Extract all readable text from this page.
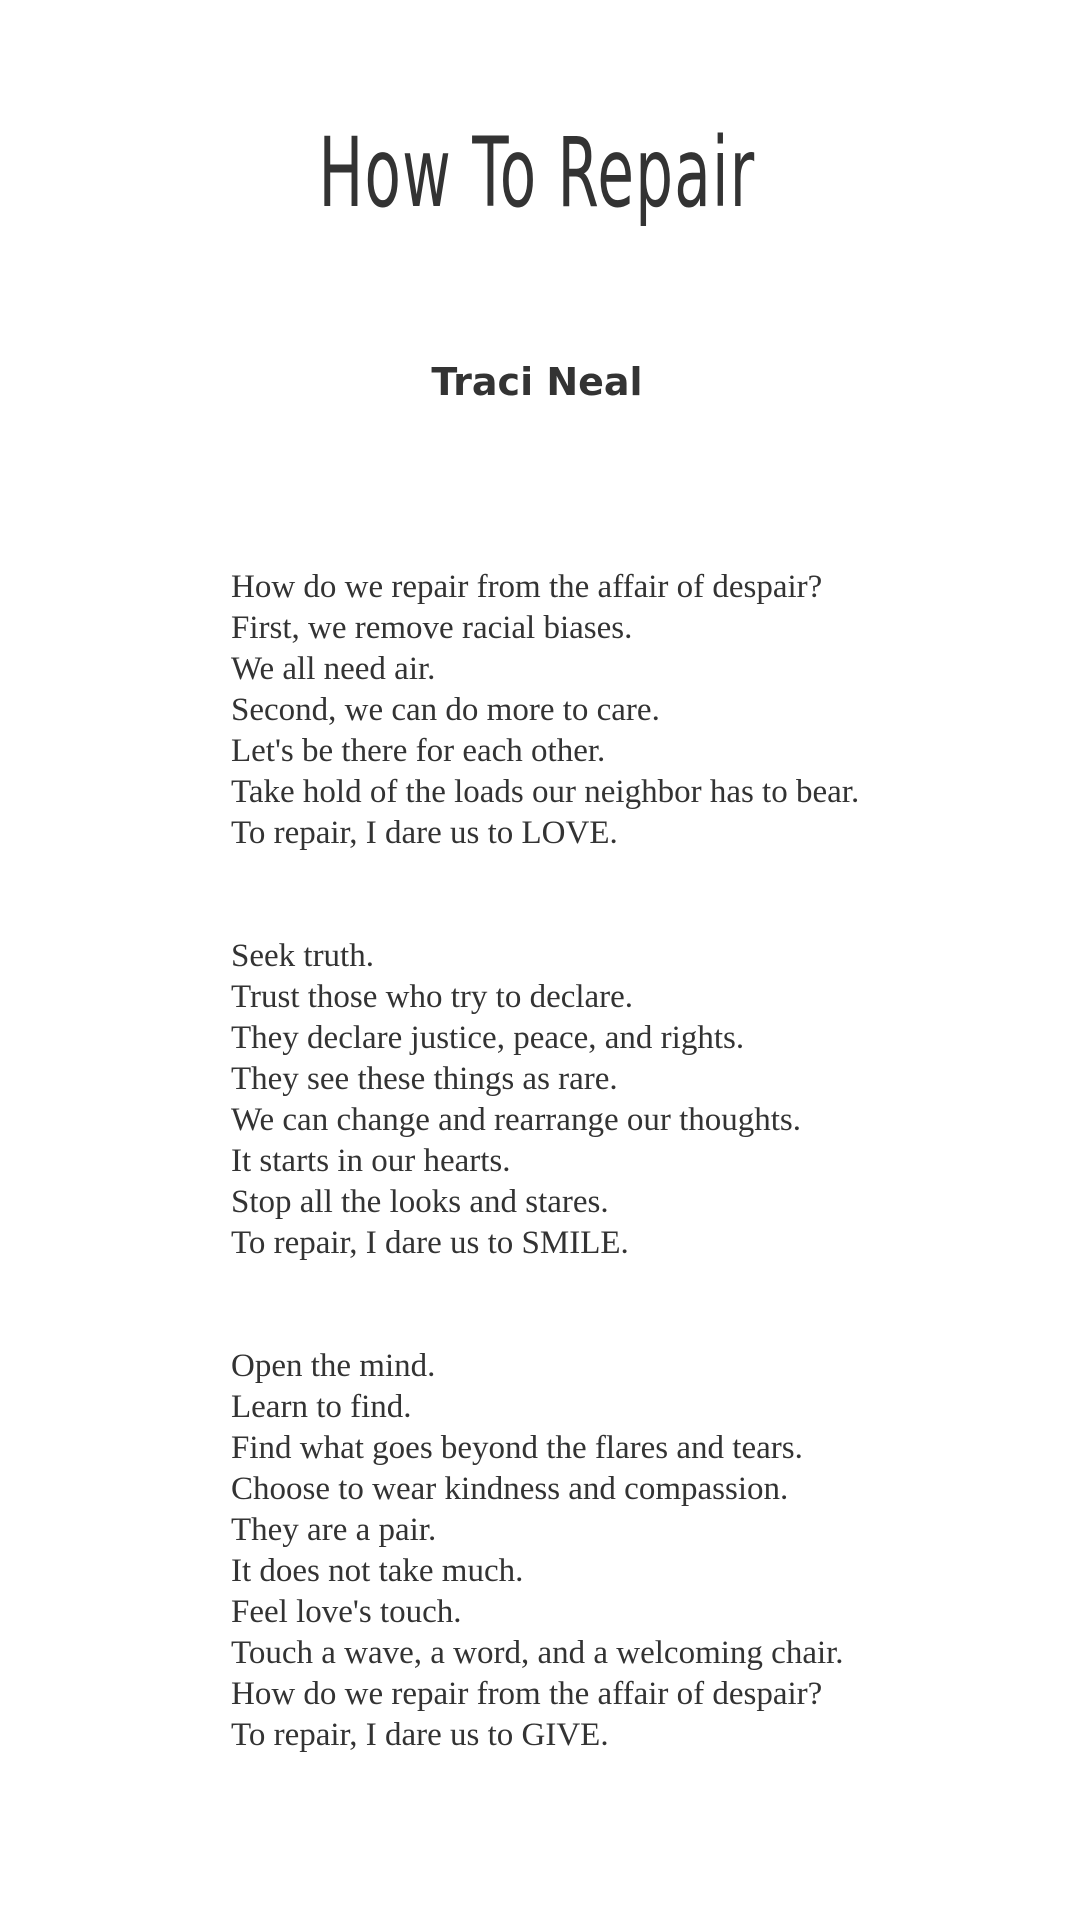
How To Repair
Traci Neal
How do we repair from the affair of despair?
First, we remove racial biases.
We all need air.
Second, we can do more to care.
Let's be there for each other.
Take hold of the loads our neighbor has to bear.
To repair, I dare us to LOVE.
Seek truth.
Trust those who try to declare.
They declare justice, peace, and rights.
They see these things as rare.
We can change and rearrange our thoughts.
It starts in our hearts.
Stop all the looks and stares.
To repair, I dare us to SMILE.
Open the mind.
Learn to find.
Find what goes beyond the flares and tears.
Choose to wear kindness and compassion.
They are a pair.
It does not take much.
Feel love's touch.
Touch a wave, a word, and a welcoming chair.
How do we repair from the affair of despair?
To repair, I dare us to GIVE.
